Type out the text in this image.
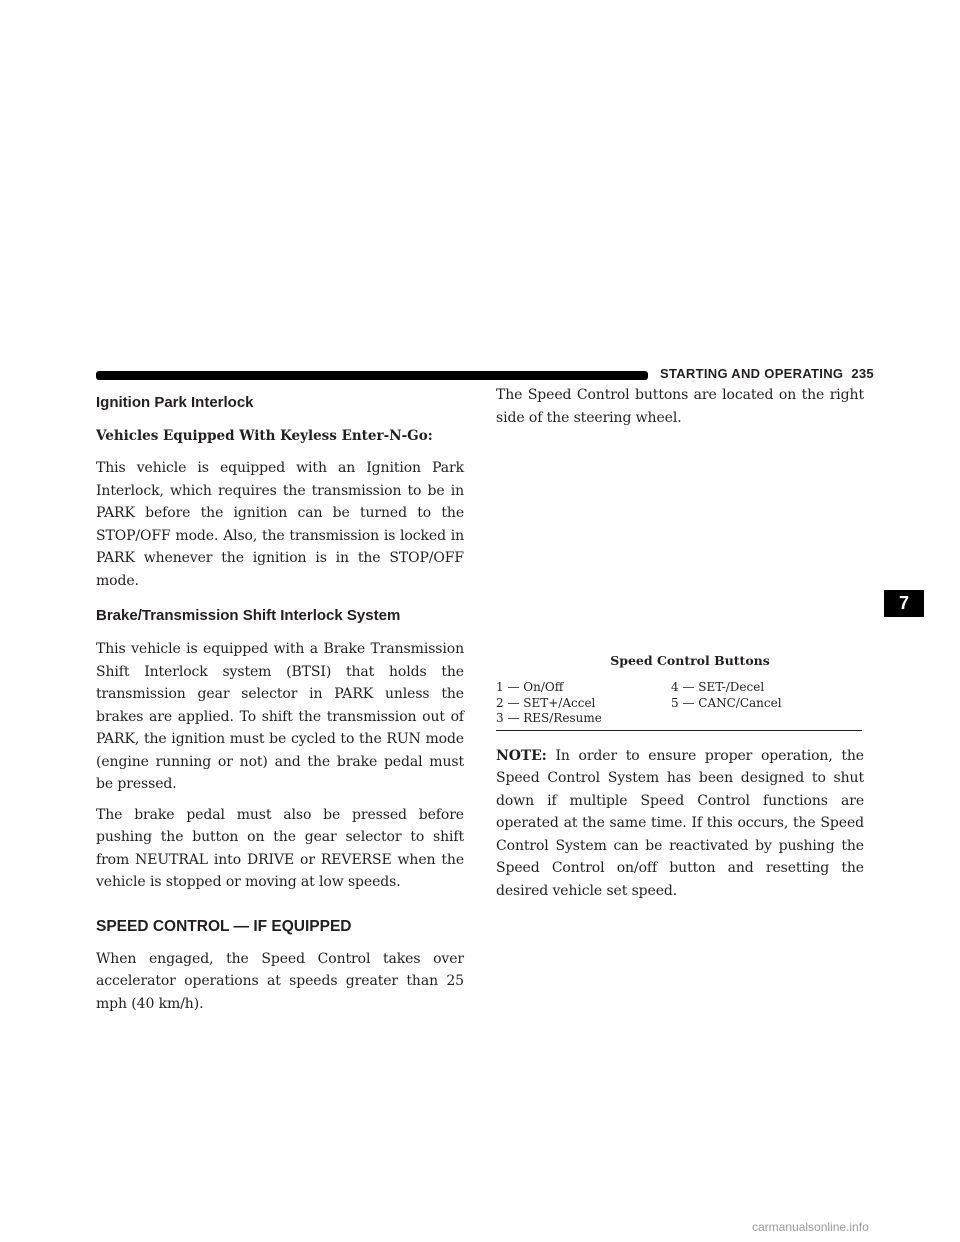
STARTING AND OPERATING 235
Ignition Park Interlock
Vehicles Equipped With Keyless Enter-N-Go:

This vehicle is equipped with an Ignition Park Interlock, which requires the transmission to be in PARK before the ignition can be turned to the STOP/OFF mode. Also, the transmission is locked in PARK whenever the ignition is in the STOP/OFF mode.

Brake/Transmission Shift Interlock System

This vehicle is equipped with a Brake Transmission Shift Interlock system (BTSI) that holds the transmission gear selector in PARK unless the brakes are applied. To shift the transmission out of PARK, the ignition must be cycled to the RUN mode (engine running or not) and the brake pedal must be pressed.

The brake pedal must also be pressed before pushing the button on the gear selector to shift from NEUTRAL into DRIVE or REVERSE when the vehicle is stopped or moving at low speeds.

SPEED CONTROL — IF EQUIPPED

When engaged, the Speed Control takes over accelerator operations at speeds greater than 25 mph (40 km/h).

The Speed Control buttons are located on the right side of the steering wheel.

Speed Control Buttons
1 — On/Off	4 — SET-/Decel
2 — SET+/Accel	5 — CANC/Cancel
3 — RES/Resume

NOTE: In order to ensure proper operation, the Speed Control System has been designed to shut down if multiple Speed Control functions are operated at the same time. If this occurs, the Speed Control System can be reactivated by pushing the Speed Control on/off button and resetting the desired vehicle set speed.

7
carmanualsonline.info
